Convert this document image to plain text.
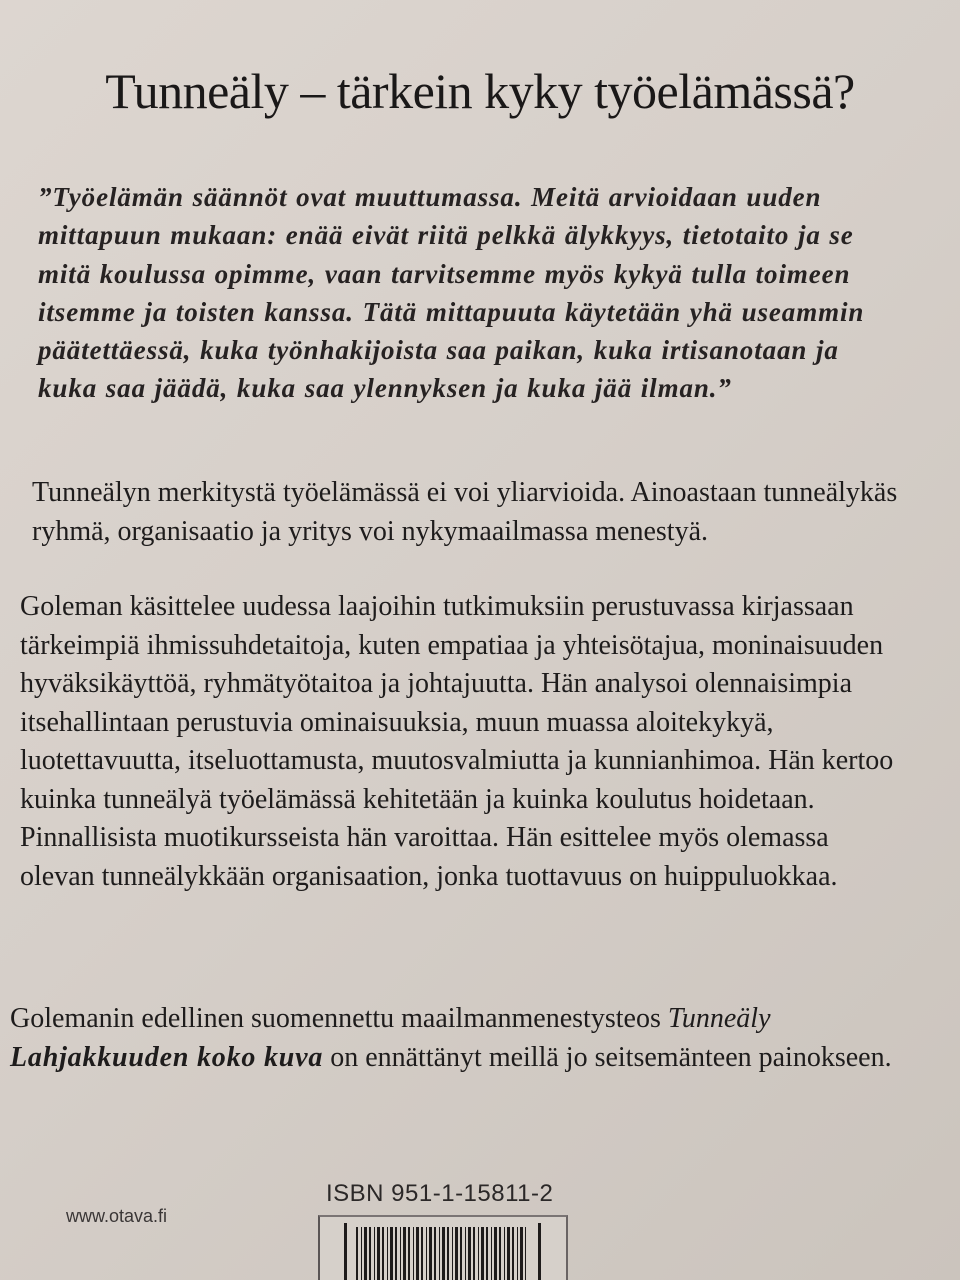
Tunneäly – tärkein kyky työelämässä?

”Työelämän säännöt ovat muuttumassa. Meitä arvioidaan uuden mittapuun mukaan: enää eivät riitä pelkkä älykkyys, tietotaito ja se mitä koulussa opimme, vaan tarvitsemme myös kykyä tulla toimeen itsemme ja toisten kanssa. Tätä mittapuuta käytetään yhä useammin päätettäessä, kuka työnhakijoista saa paikan, kuka irtisanotaan ja kuka saa jäädä, kuka saa ylennyksen ja kuka jää ilman.”

Tunneälyn merkitystä työelämässä ei voi yliarvioida. Ainoastaan tunneälykäs ryhmä, organisaatio ja yritys voi nykymaailmassa menestyä.

Goleman käsittelee uudessa laajoihin tutkimuksiin perustuvassa kirjassaan tärkeimpiä ihmissuhdetaitoja, kuten empatiaa ja yhteisötajua, moninaisuuden hyväksikäyttöä, ryhmätyötaitoa ja johtajuutta. Hän analysoi olennaisimpia itsehallintaan perustuvia ominaisuuksia, muun muassa aloitekykyä, luotettavuutta, itseluottamusta, muutosvalmiutta ja kunnianhimoa. Hän kertoo kuinka tunneälyä työelämässä kehitetään ja kuinka koulutus hoidetaan. Pinnallisista muotikursseista hän varoittaa. Hän esittelee myös olemassa olevan tunneälykkään organisaation, jonka tuottavuus on huippuluokkaa.

Golemanin edellinen suomennettu maailmanmenestysteos Tunneäly
Lahjakkuuden koko kuva on ennättänyt meillä jo seitsemänteen painokseen.

ISBN 951-1-15811-2

www.otava.fi
